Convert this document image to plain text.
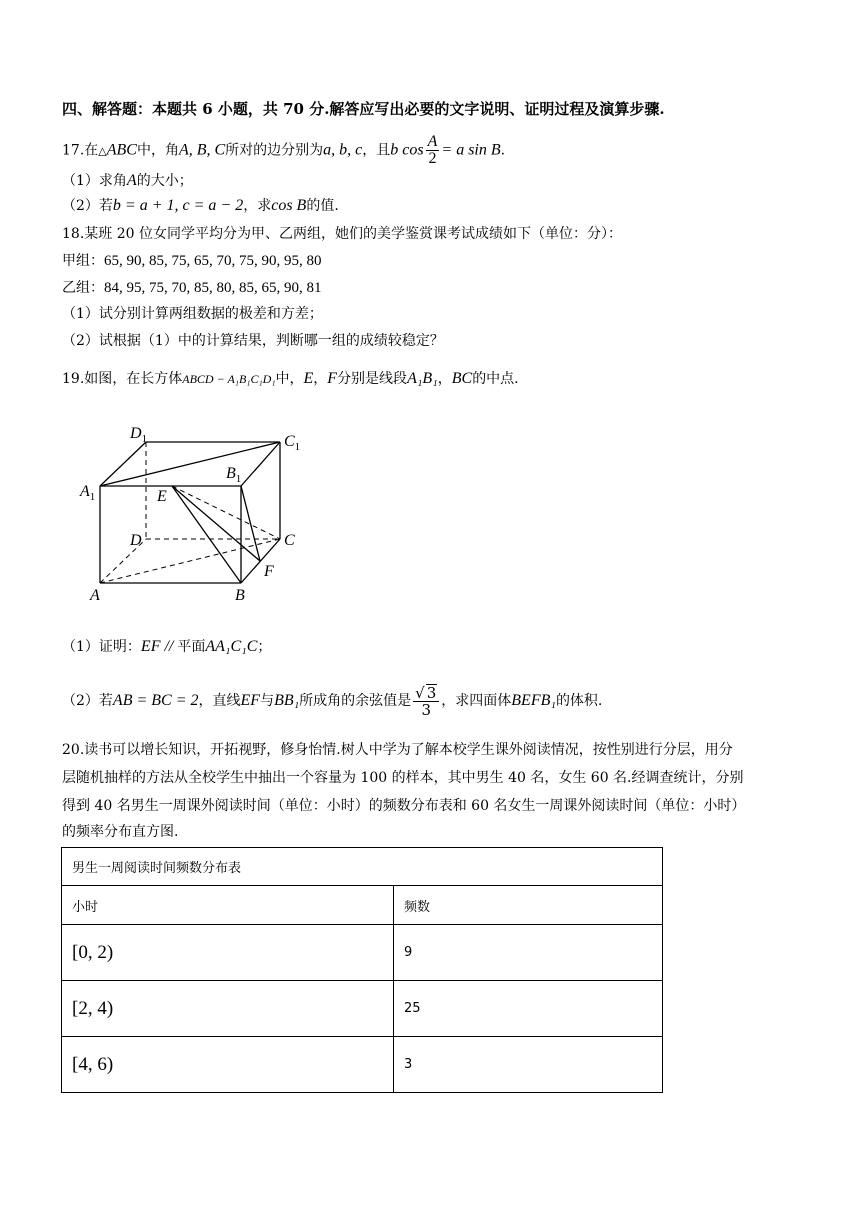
四、解答题：本题共 6 小题，共 70 分.解答应写出必要的文字说明、证明过程及演算步骤.
17.在△ABC中，角A, B, C所对的边分别为a, b, c，且b $\cos \frac{A}{2} = a$ sin B.
（1）求角A的大小；
（2）若b = a + 1, c = a − 2，求cos B的值.
18.某班 20 位女同学平均分为甲、乙两组，她们的美学鉴赏课考试成绩如下（单位：分）：
甲组：65, 90, 85, 75, 65, 70, 75, 90, 95, 80
乙组：84, 95, 75, 70, 85, 80, 85, 65, 90, 81
（1）试分别计算两组数据的极差和方差；
（2）试根据（1）中的计算结果，判断哪一组的成绩较稳定？
19.如图，在长方体ABCD − A₁B₁C₁D₁中，E，F分别是线段A₁B₁，BC的中点.
$D_1$	$C_1$
$A_1$
$B_1$
E
D	C
F
A	B
（1）证明：EF // 平面AA₁C₁C；
（2）若AB = BC = 2，直线EF与BB₁所成角的余弦值是 $\frac{√ 3}{3}$ ，求四面体BEFB₁的体积.
20.读书可以增长知识，开拓视野，修身怡情.树人中学为了解本校学生课外阅读情况，按性别进行分层，用分
层随机抽样的方法从全校学生中抽出一个容量为 100 的样本，其中男生 40 名，女生 60 名.经调查统计，分别
得到 40 名男生一周课外阅读时间（单位：小时）的频数分布表和 60 名女生一周课外阅读时间（单位：小时）
的频率分布直方图.
男生一周阅读时间频数分布表	
小时	频数
[0, 2)	9
[2, 4)	25
[4, 6)	3
